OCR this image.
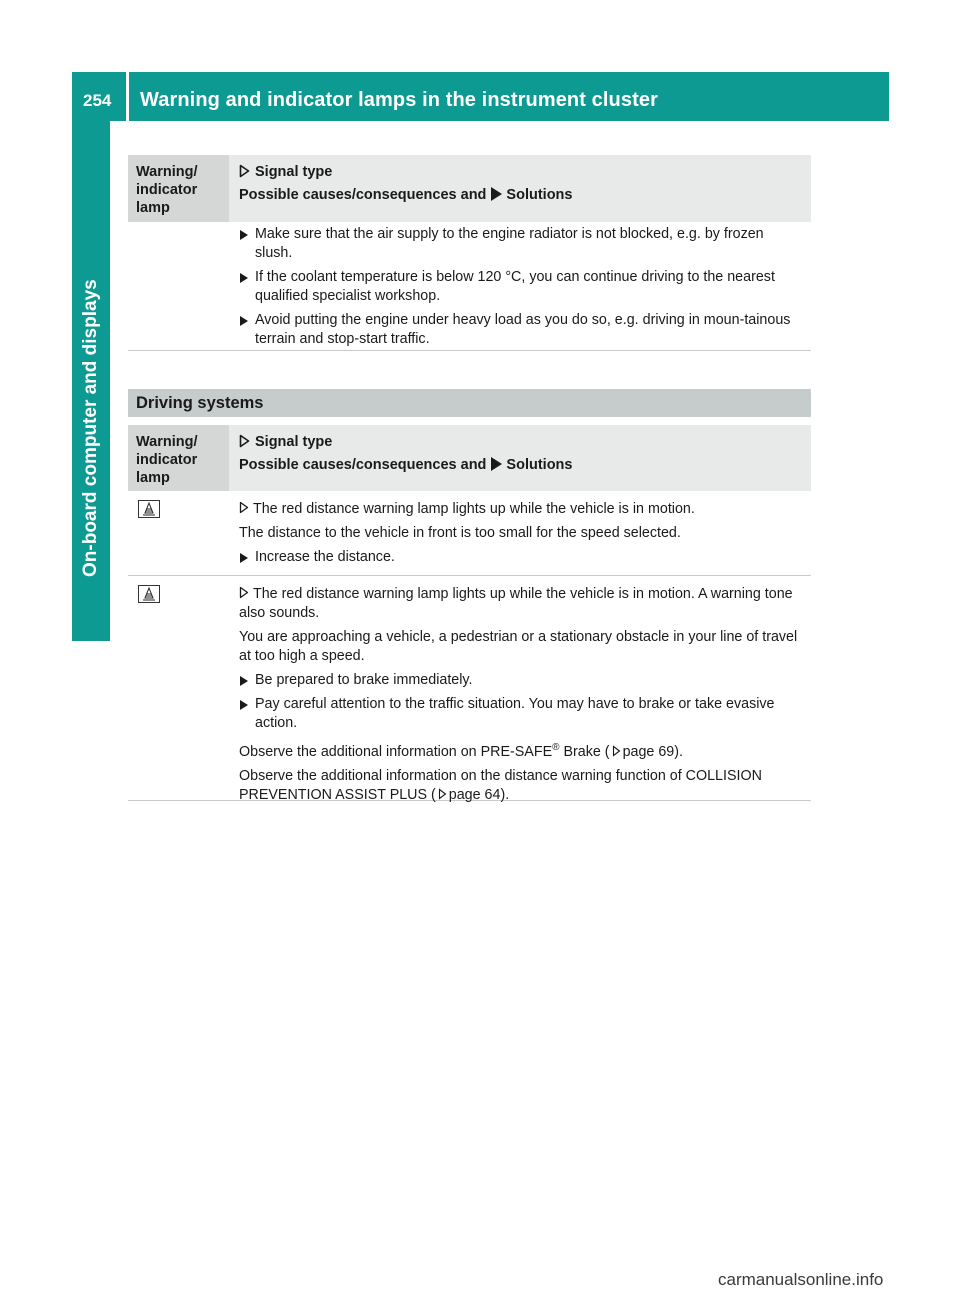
254	Warning and indicator lamps in the instrument cluster
On-board computer and displays
Warning/
indicator
lamp

Signal type

Possible causes/consequences and Solutions

Make sure that the air supply to the engine radiator is not blocked, e.g. by frozen slush.
If the coolant temperature is below 120 °C, you can continue driving to the nearest qualified specialist workshop.
Avoid putting the engine under heavy load as you do so, e.g. driving in moun-tainous terrain and stop-start traffic.
Driving systems
Warning/
indicator
lamp

Signal type

Possible causes/consequences and Solutions

The red distance warning lamp lights up while the vehicle is in motion.

The distance to the vehicle in front is too small for the speed selected.

Increase the distance.

The red distance warning lamp lights up while the vehicle is in motion. A warning tone also sounds.

You are approaching a vehicle, a pedestrian or a stationary obstacle in your line of travel at too high a speed.

Be prepared to brake immediately.
Pay careful attention to the traffic situation. You may have to brake or take evasive action.

Observe the additional information on PRE-SAFE® Brake ( page 69).

Observe the additional information on the distance warning function of COLLISION PREVENTION ASSIST PLUS ( page 64).

carmanualsonline.info
